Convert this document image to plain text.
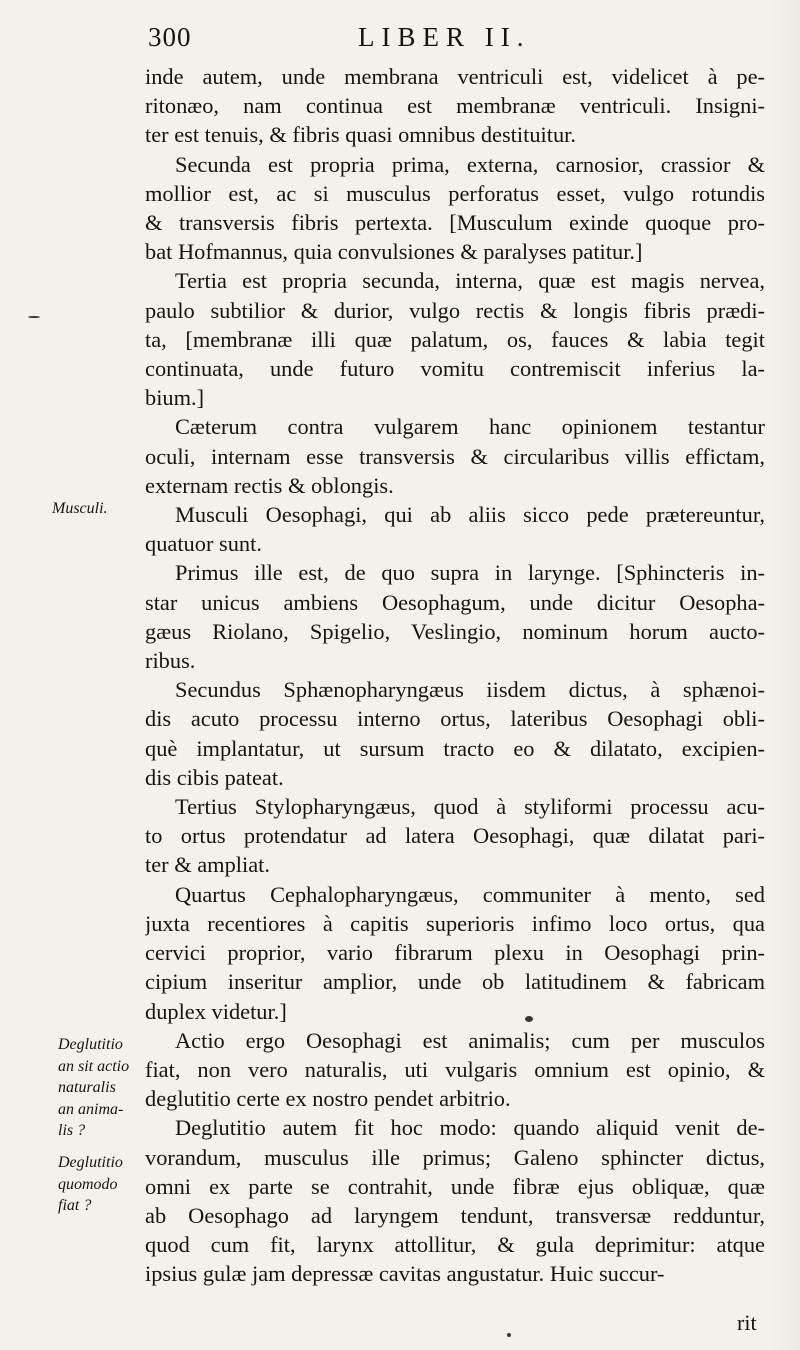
300	LIBER II.
Musculi.
Deglutitio
an sit actio
naturalis
an anima-
lis ?
Deglutitio
quomodo
fiat ?
inde autem, unde membrana ventriculi est, videlicet à pe-
ritonæo, nam continua est membranæ ventriculi. Insigni-
ter est tenuis, & fibris quasi omnibus destituitur.
Secunda est propria prima, externa, carnosior, crassior &
mollior est, ac si musculus perforatus esset, vulgo rotundis
& transversis fibris pertexta. [Musculum exinde quoque pro-
bat Hofmannus, quia convulsiones & paralyses patitur.]
Tertia est propria secunda, interna, quæ est magis nervea,
paulo subtilior & durior, vulgo rectis & longis fibris prædi-
ta, [membranæ illi quæ palatum, os, fauces & labia tegit
continuata, unde futuro vomitu contremiscit inferius la-
bium.]
Cæterum contra vulgarem hanc opinionem testantur
oculi, internam esse transversis & circularibus villis effictam,
externam rectis & oblongis.
Musculi Oesophagi, qui ab aliis sicco pede prætereuntur,
quatuor sunt.
Primus ille est, de quo supra in larynge. [Sphincteris in-
star unicus ambiens Oesophagum, unde dicitur Oesopha-
gæus Riolano, Spigelio, Veslingio, nominum horum aucto-
ribus.
Secundus Sphænopharyngæus iisdem dictus, à sphænoi-
dis acuto processu interno ortus, lateribus Oesophagi obli-
què implantatur, ut sursum tracto eo & dilatato, excipien-
dis cibis pateat.
Tertius Stylopharyngæus, quod à styliformi processu acu-
to ortus protendatur ad latera Oesophagi, quæ dilatat pari-
ter & ampliat.
Quartus Cephalopharyngæus, communiter à mento, sed
juxta recentiores à capitis superioris infimo loco ortus, qua
cervici proprior, vario fibrarum plexu in Oesophagi prin-
cipium inseritur amplior, unde ob latitudinem & fabricam
duplex videtur.]
Actio ergo Oesophagi est animalis; cum per musculos
fiat, non vero naturalis, uti vulgaris omnium est opinio, &
deglutitio certe ex nostro pendet arbitrio.
Deglutitio autem fit hoc modo: quando aliquid venit de-
vorandum, musculus ille primus; Galeno sphincter dictus,
omni ex parte se contrahit, unde fibræ ejus obliquæ, quæ
ab Oesophago ad laryngem tendunt, transversæ redduntur,
quod cum fit, larynx attollitur, & gula deprimitur: atque
ipsius gulæ jam depressæ cavitas angustatur. Huic succur-
rit
